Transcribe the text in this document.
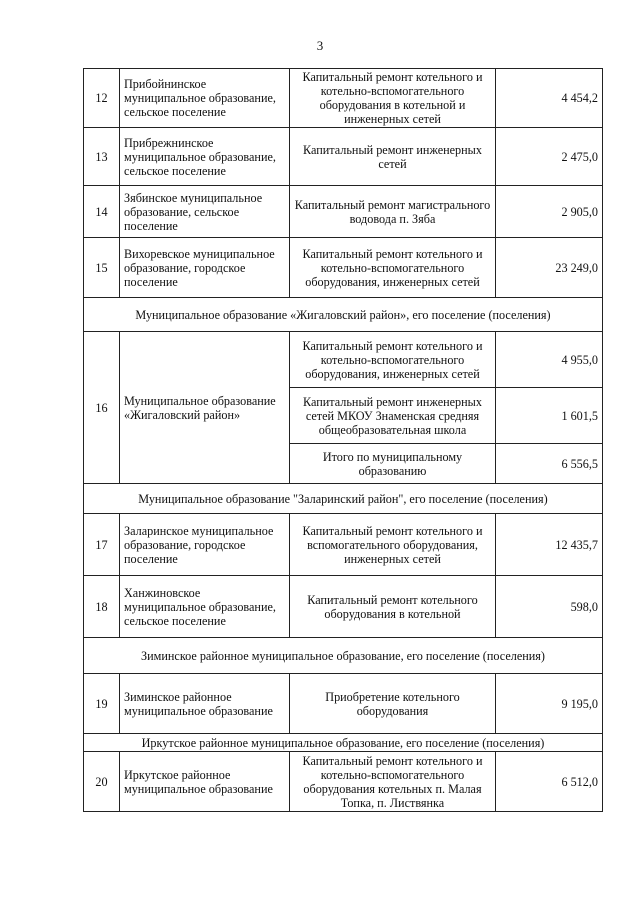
3
12	Прибойнинское муниципальное образование, сельское поселение	Капитальный ремонт котельного и котельно-вспомогательного оборудования в котельной и инженерных сетей	4 454,2
13	Прибрежнинское муниципальное образование, сельское поселение	Капитальный ремонт инженерных сетей	2 475,0
14	Зябинское муниципальное образование, сельское поселение	Капитальный ремонт магистрального водовода п. Зяба	2 905,0
15	Вихоревское муниципальное образование, городское поселение	Капитальный ремонт котельного и котельно-вспомогательного оборудования, инженерных сетей	23 249,0
Муниципальное образование «Жигаловский район», его поселение (поселения)			
16	Муниципальное образование «Жигаловский район»	Капитальный ремонт котельного и котельно-вспомогательного оборудования, инженерных сетей	4 955,0
		Капитальный ремонт инженерных сетей МКОУ Знаменская средняя общеобразовательная школа	1 601,5
		Итого по муниципальному образованию	6 556,5
Муниципальное образование "Заларинский район", его поселение (поселения)			
17	Заларинское муниципальное образование, городское поселение	Капитальный ремонт котельного и вспомогательного оборудования, инженерных сетей	12 435,7
18	Ханжиновское муниципальное образование, сельское поселение	Капитальный ремонт котельного оборудования в котельной	598,0
Зиминское районное муниципальное образование, его поселение (поселения)			
19	Зиминское районное муниципальное образование	Приобретение котельного оборудования	9 195,0
Иркутское районное муниципальное образование, его поселение (поселения)			
20	Иркутское районное муниципальное образование	Капитальный ремонт котельного и котельно-вспомогательного оборудования котельных п. Малая Топка, п. Листвянка	6 512,0
